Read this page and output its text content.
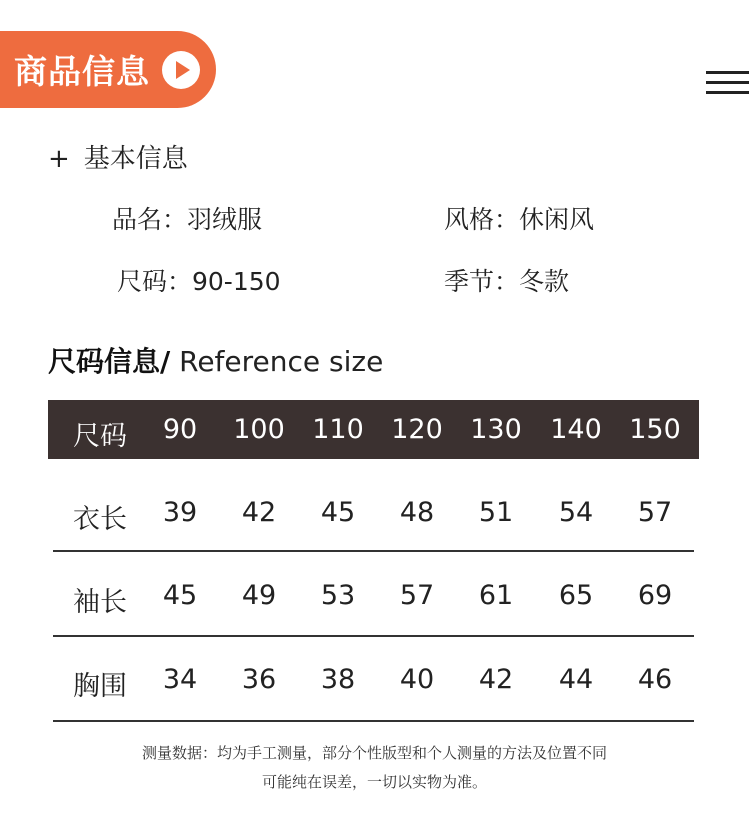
商品信息
+ 基本信息
品名：羽绒服	风格：休闲风
尺码：90-150	季节：冬款
尺码信息/ Reference size
尺码	90	100	110	120	130	140	150
衣长	39	42	45	48	51	54	57
袖长	45	49	53	57	61	65	69
胸围	34	36	38	40	42	44	46
测量数据：均为手工测量，部分个性版型和个人测量的方法及位置不同
可能纯在误差，一切以实物为准。
